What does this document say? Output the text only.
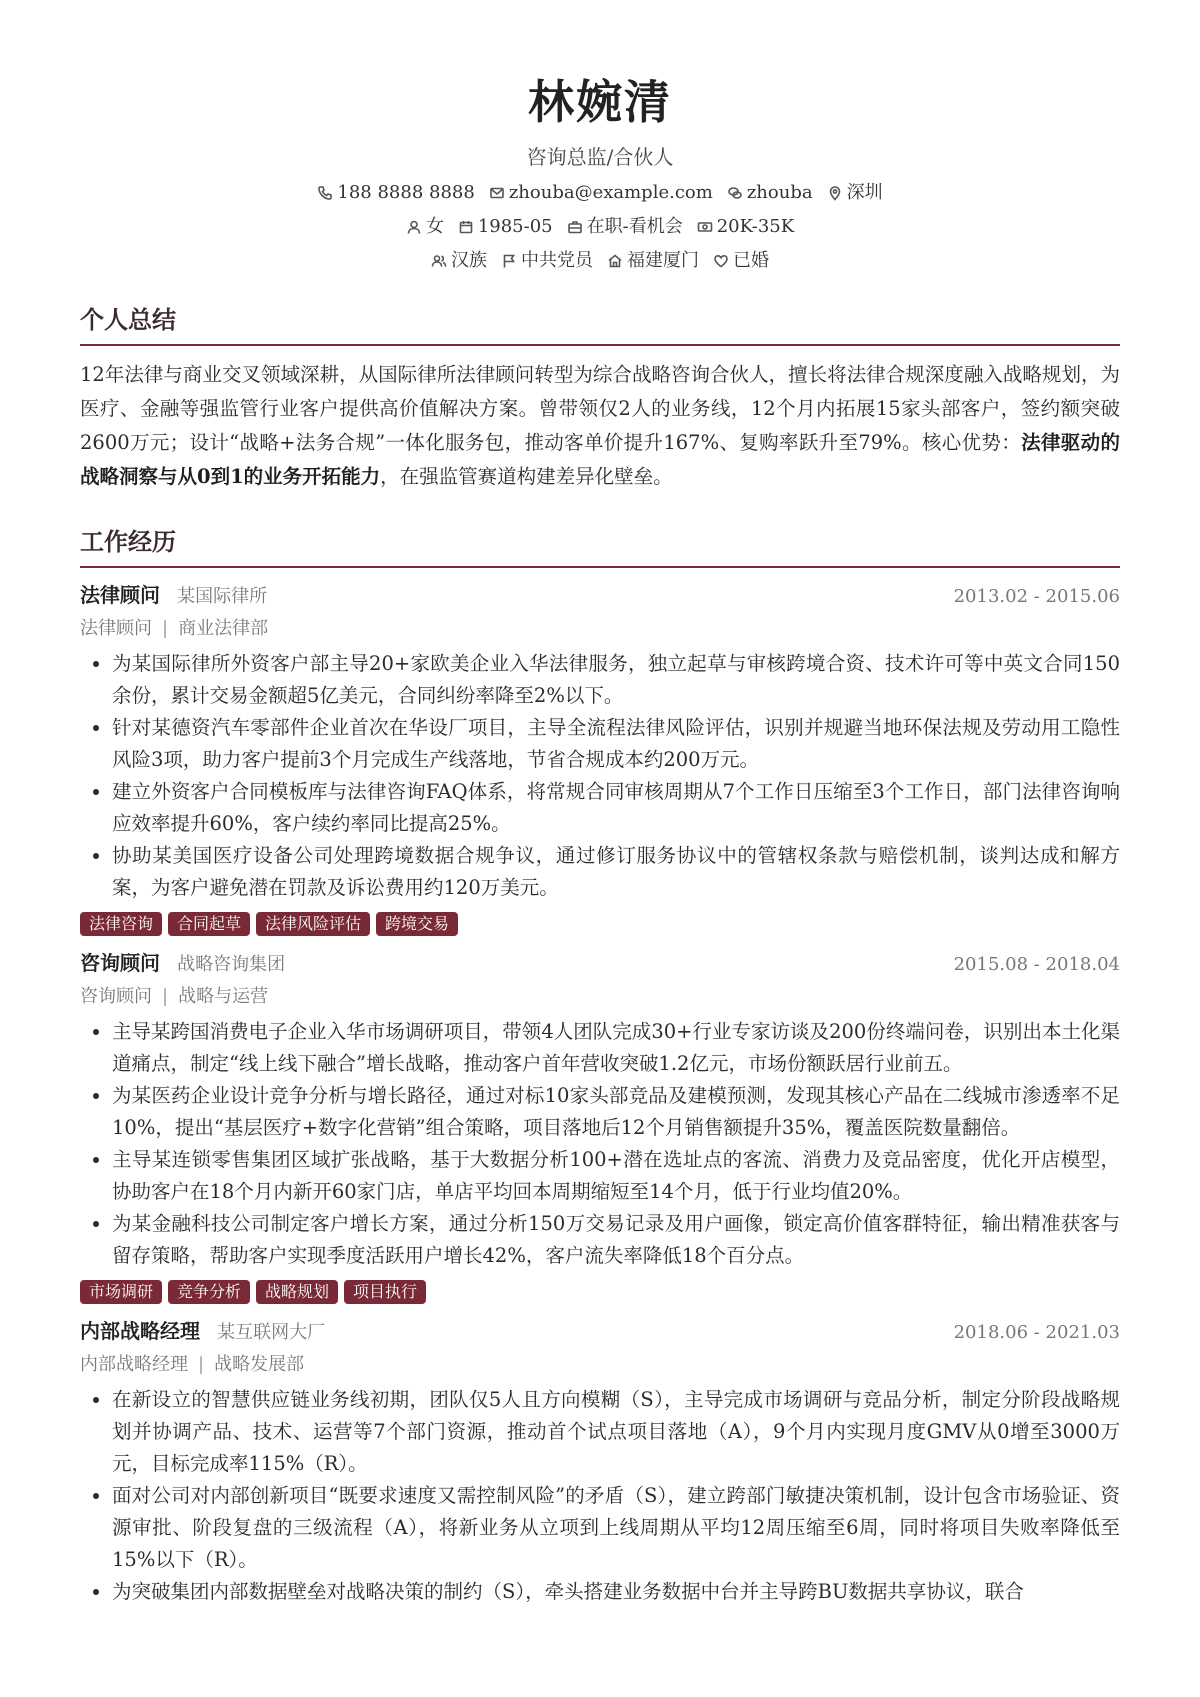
林婉清
咨询总监/合伙人
188 8888 8888 zhouba@example.com zhouba 深圳
女 1985-05 在职-看机会 20K-35K
汉族 中共党员 福建厦门 已婚
个人总结
12年法律与商业交叉领域深耕，从国际律所法律顾问转型为综合战略咨询合伙人，擅长将法律合规深度融入战略规划，为医疗、金融等强监管行业客户提供高价值解决方案。曾带领仅2人的业务线，12个月内拓展15家头部客户，签约额突破2600万元；设计“战略+法务合规”一体化服务包，推动客单价提升167%、复购率跃升至79%。核心优势：法律驱动的战略洞察与从0到1的业务开拓能力，在强监管赛道构建差异化壁垒。
工作经历
法律顾问 某国际律所	2013.02 - 2015.06
法律顾问 | 商业法律部
• 为某国际律所外资客户部主导20+家欧美企业入华法律服务，独立起草与审核跨境合资、技术许可等中英文合同150余份，累计交易金额超5亿美元，合同纠纷率降至2%以下。
• 针对某德资汽车零部件企业首次在华设厂项目，主导全流程法律风险评估，识别并规避当地环保法规及劳动用工隐性风险3项，助力客户提前3个月完成生产线落地，节省合规成本约200万元。
• 建立外资客户合同模板库与法律咨询FAQ体系，将常规合同审核周期从7个工作日压缩至3个工作日，部门法律咨询响应效率提升60%，客户续约率同比提高25%。
• 协助某美国医疗设备公司处理跨境数据合规争议，通过修订服务协议中的管辖权条款与赔偿机制，谈判达成和解方案，为客户避免潜在罚款及诉讼费用约120万美元。
法律咨询	合同起草	法律风险评估	跨境交易
咨询顾问 战略咨询集团	2015.08 - 2018.04
咨询顾问 | 战略与运营
• 主导某跨国消费电子企业入华市场调研项目，带领4人团队完成30+行业专家访谈及200份终端问卷，识别出本土化渠道痛点，制定“线上线下融合”增长战略，推动客户首年营收突破1.2亿元，市场份额跃居行业前五。
• 为某医药企业设计竞争分析与增长路径，通过对标10家头部竞品及建模预测，发现其核心产品在二线城市渗透率不足10%，提出“基层医疗+数字化营销”组合策略，项目落地后12个月销售额提升35%，覆盖医院数量翻倍。
• 主导某连锁零售集团区域扩张战略，基于大数据分析100+潜在选址点的客流、消费力及竞品密度，优化开店模型，协助客户在18个月内新开60家门店，单店平均回本周期缩短至14个月，低于行业均值20%。
• 为某金融科技公司制定客户增长方案，通过分析150万交易记录及用户画像，锁定高价值客群特征，输出精准获客与留存策略，帮助客户实现季度活跃用户增长42%，客户流失率降低18个百分点。
市场调研	竞争分析	战略规划	项目执行
内部战略经理 某互联网大厂	2018.06 - 2021.03
内部战略经理 | 战略发展部
• 在新设立的智慧供应链业务线初期，团队仅5人且方向模糊（S），主导完成市场调研与竞品分析，制定分阶段战略规划并协调产品、技术、运营等7个部门资源，推动首个试点项目落地（A），9个月内实现月度GMV从0增至3000万元，目标完成率115%（R）。
• 面对公司对内部创新项目“既要求速度又需控制风险”的矛盾（S），建立跨部门敏捷决策机制，设计包含市场验证、资源审批、阶段复盘的三级流程（A），将新业务从立项到上线周期从平均12周压缩至6周，同时将项目失败率降低至15%以下（R）。
• 为突破集团内部数据壁垒对战略决策的制约（S），牵头搭建业务数据中台并主导跨BU数据共享协议，联合
